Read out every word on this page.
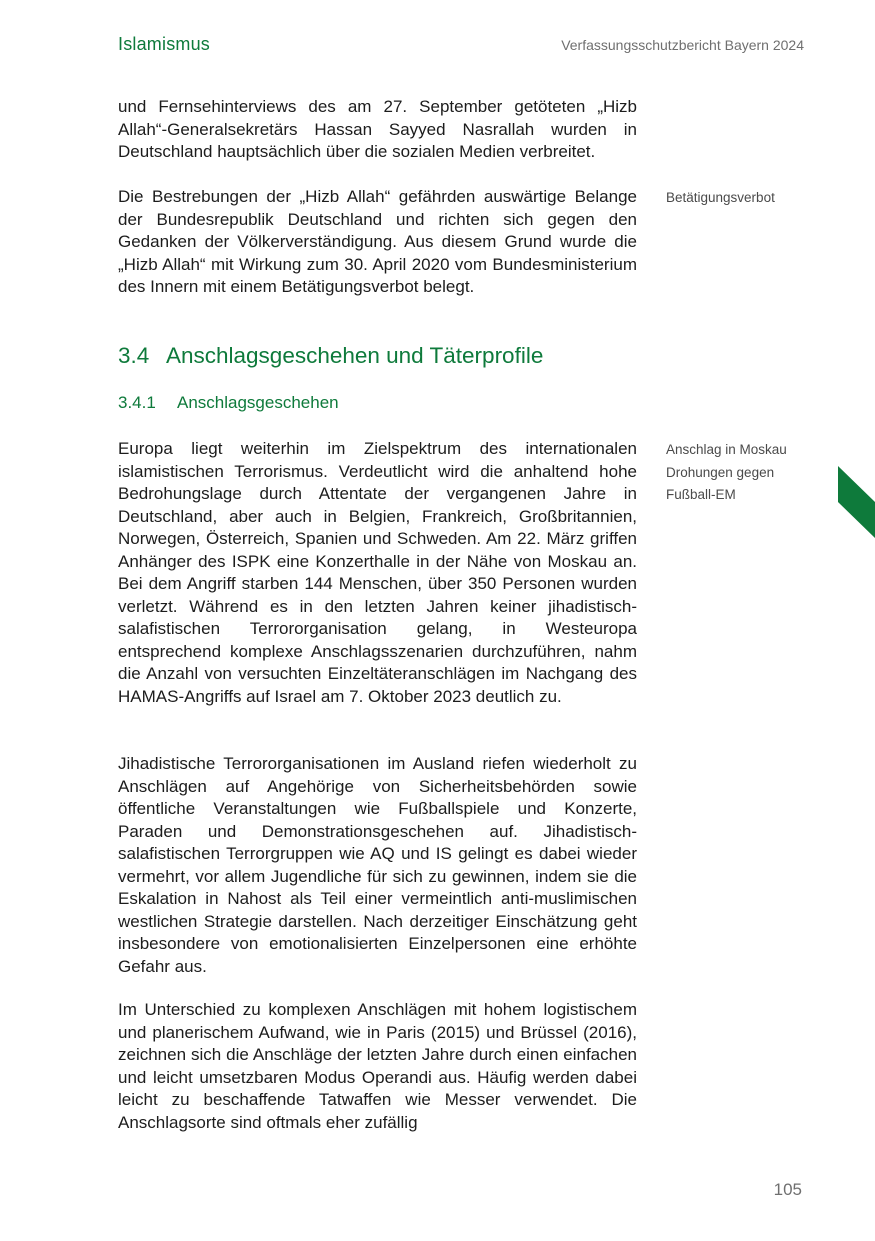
Islamismus	Verfassungsschutzbericht Bayern 2024

und Fernsehinterviews des am 27. September getöteten „Hizb Allah“-Generalsekretärs Hassan Sayyed Nasrallah wurden in Deutschland hauptsächlich über die sozialen Medien verbreitet.

Die Bestrebungen der „Hizb Allah“ gefährden auswärtige Belange der Bundesrepublik Deutschland und richten sich gegen den Gedanken der Völkerverständigung. Aus diesem Grund wurde die „Hizb Allah“ mit Wirkung zum 30. April 2020 vom Bundesministerium des Innern mit einem Betätigungsverbot belegt.

Betätigungsverbot
3.4 Anschlagsgeschehen und Täterprofile
3.4.1 Anschlagsgeschehen

Europa liegt weiterhin im Zielspektrum des internationalen islamistischen Terrorismus. Verdeutlicht wird die anhaltend hohe Bedrohungslage durch Attentate der vergangenen Jahre in Deutschland, aber auch in Belgien, Frankreich, Großbritannien, Norwegen, Österreich, Spanien und Schweden. Am 22. März griffen Anhänger des ISPK eine Konzerthalle in der Nähe von Moskau an. Bei dem Angriff starben 144 Menschen, über 350 Personen wurden verletzt. Während es in den letzten Jahren keiner jihadistisch-salafistischen Terrororganisation gelang, in Westeuropa entsprechend komplexe Anschlagsszenarien durchzuführen, nahm die Anzahl von versuchten Einzeltäteranschlägen im Nachgang des HAMAS-Angriffs auf Israel am 7. Oktober 2023 deutlich zu.

Anschlag in Moskau
Drohungen gegen Fußball-EM

Jihadistische Terrororganisationen im Ausland riefen wiederholt zu Anschlägen auf Angehörige von Sicherheitsbehörden sowie öffentliche Veranstaltungen wie Fußballspiele und Konzerte, Paraden und Demonstrationsgeschehen auf. Jihadistisch-salafistischen Terrorgruppen wie AQ und IS gelingt es dabei wieder vermehrt, vor allem Jugendliche für sich zu gewinnen, indem sie die Eskalation in Nahost als Teil einer vermeintlich anti-muslimischen westlichen Strategie darstellen. Nach derzeitiger Einschätzung geht insbesondere von emotionalisierten Einzelpersonen eine erhöhte Gefahr aus.

Im Unterschied zu komplexen Anschlägen mit hohem logistischem und planerischem Aufwand, wie in Paris (2015) und Brüssel (2016), zeichnen sich die Anschläge der letzten Jahre durch einen einfachen und leicht umsetzbaren Modus Operandi aus. Häufig werden dabei leicht zu beschaffende Tatwaffen wie Messer verwendet. Die Anschlagsorte sind oftmals eher zufällig

105
